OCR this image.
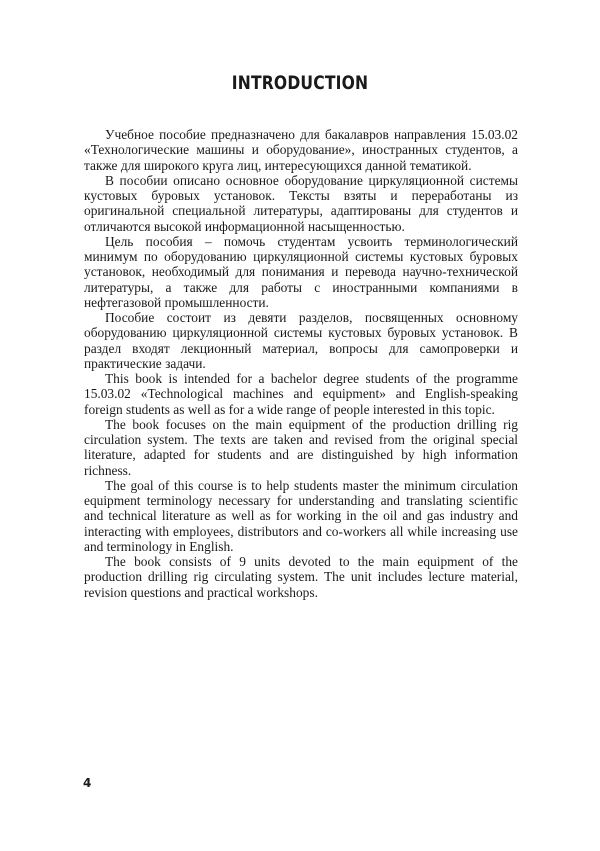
INTRODUCTION

Учебное пособие предназначено для бакалавров направления 15.03.02 «Технологические машины и оборудование», иностранных студентов, а также для широкого круга лиц, интересующихся данной тематикой.

В пособии описано основное оборудование циркуляционной системы кустовых буровых установок. Тексты взяты и переработаны из оригинальной специальной литературы, адаптированы для студентов и отличаются высокой информационной насыщенностью.

Цель пособия – помочь студентам усвоить терминологический минимум по оборудованию циркуляционной системы кустовых буровых установок, необходимый для понимания и перевода научно-технической литературы, а также для работы с иностранными компаниями в нефтегазовой промышленности.

Пособие состоит из девяти разделов, посвященных основному оборудованию циркуляционной системы кустовых буровых установок. В раздел входят лекционный материал, вопросы для самопроверки и практические задачи.

This book is intended for a bachelor degree students of the programme 15.03.02 «Technological machines and equipment» and English-speaking foreign students as well as for a wide range of people interested in this topic.

The book focuses on the main equipment of the production drilling rig circulation system. The texts are taken and revised from the original special literature, adapted for students and are distinguished by high information richness.

The goal of this course is to help students master the minimum circulation equipment terminology necessary for understanding and translating scientific and technical literature as well as for working in the oil and gas industry and interacting with employees, distributors and co-workers all while increasing use and terminology in English.

The book consists of 9 units devoted to the main equipment of the production drilling rig circulating system. The unit includes lecture material, revision questions and practical workshops.

4
